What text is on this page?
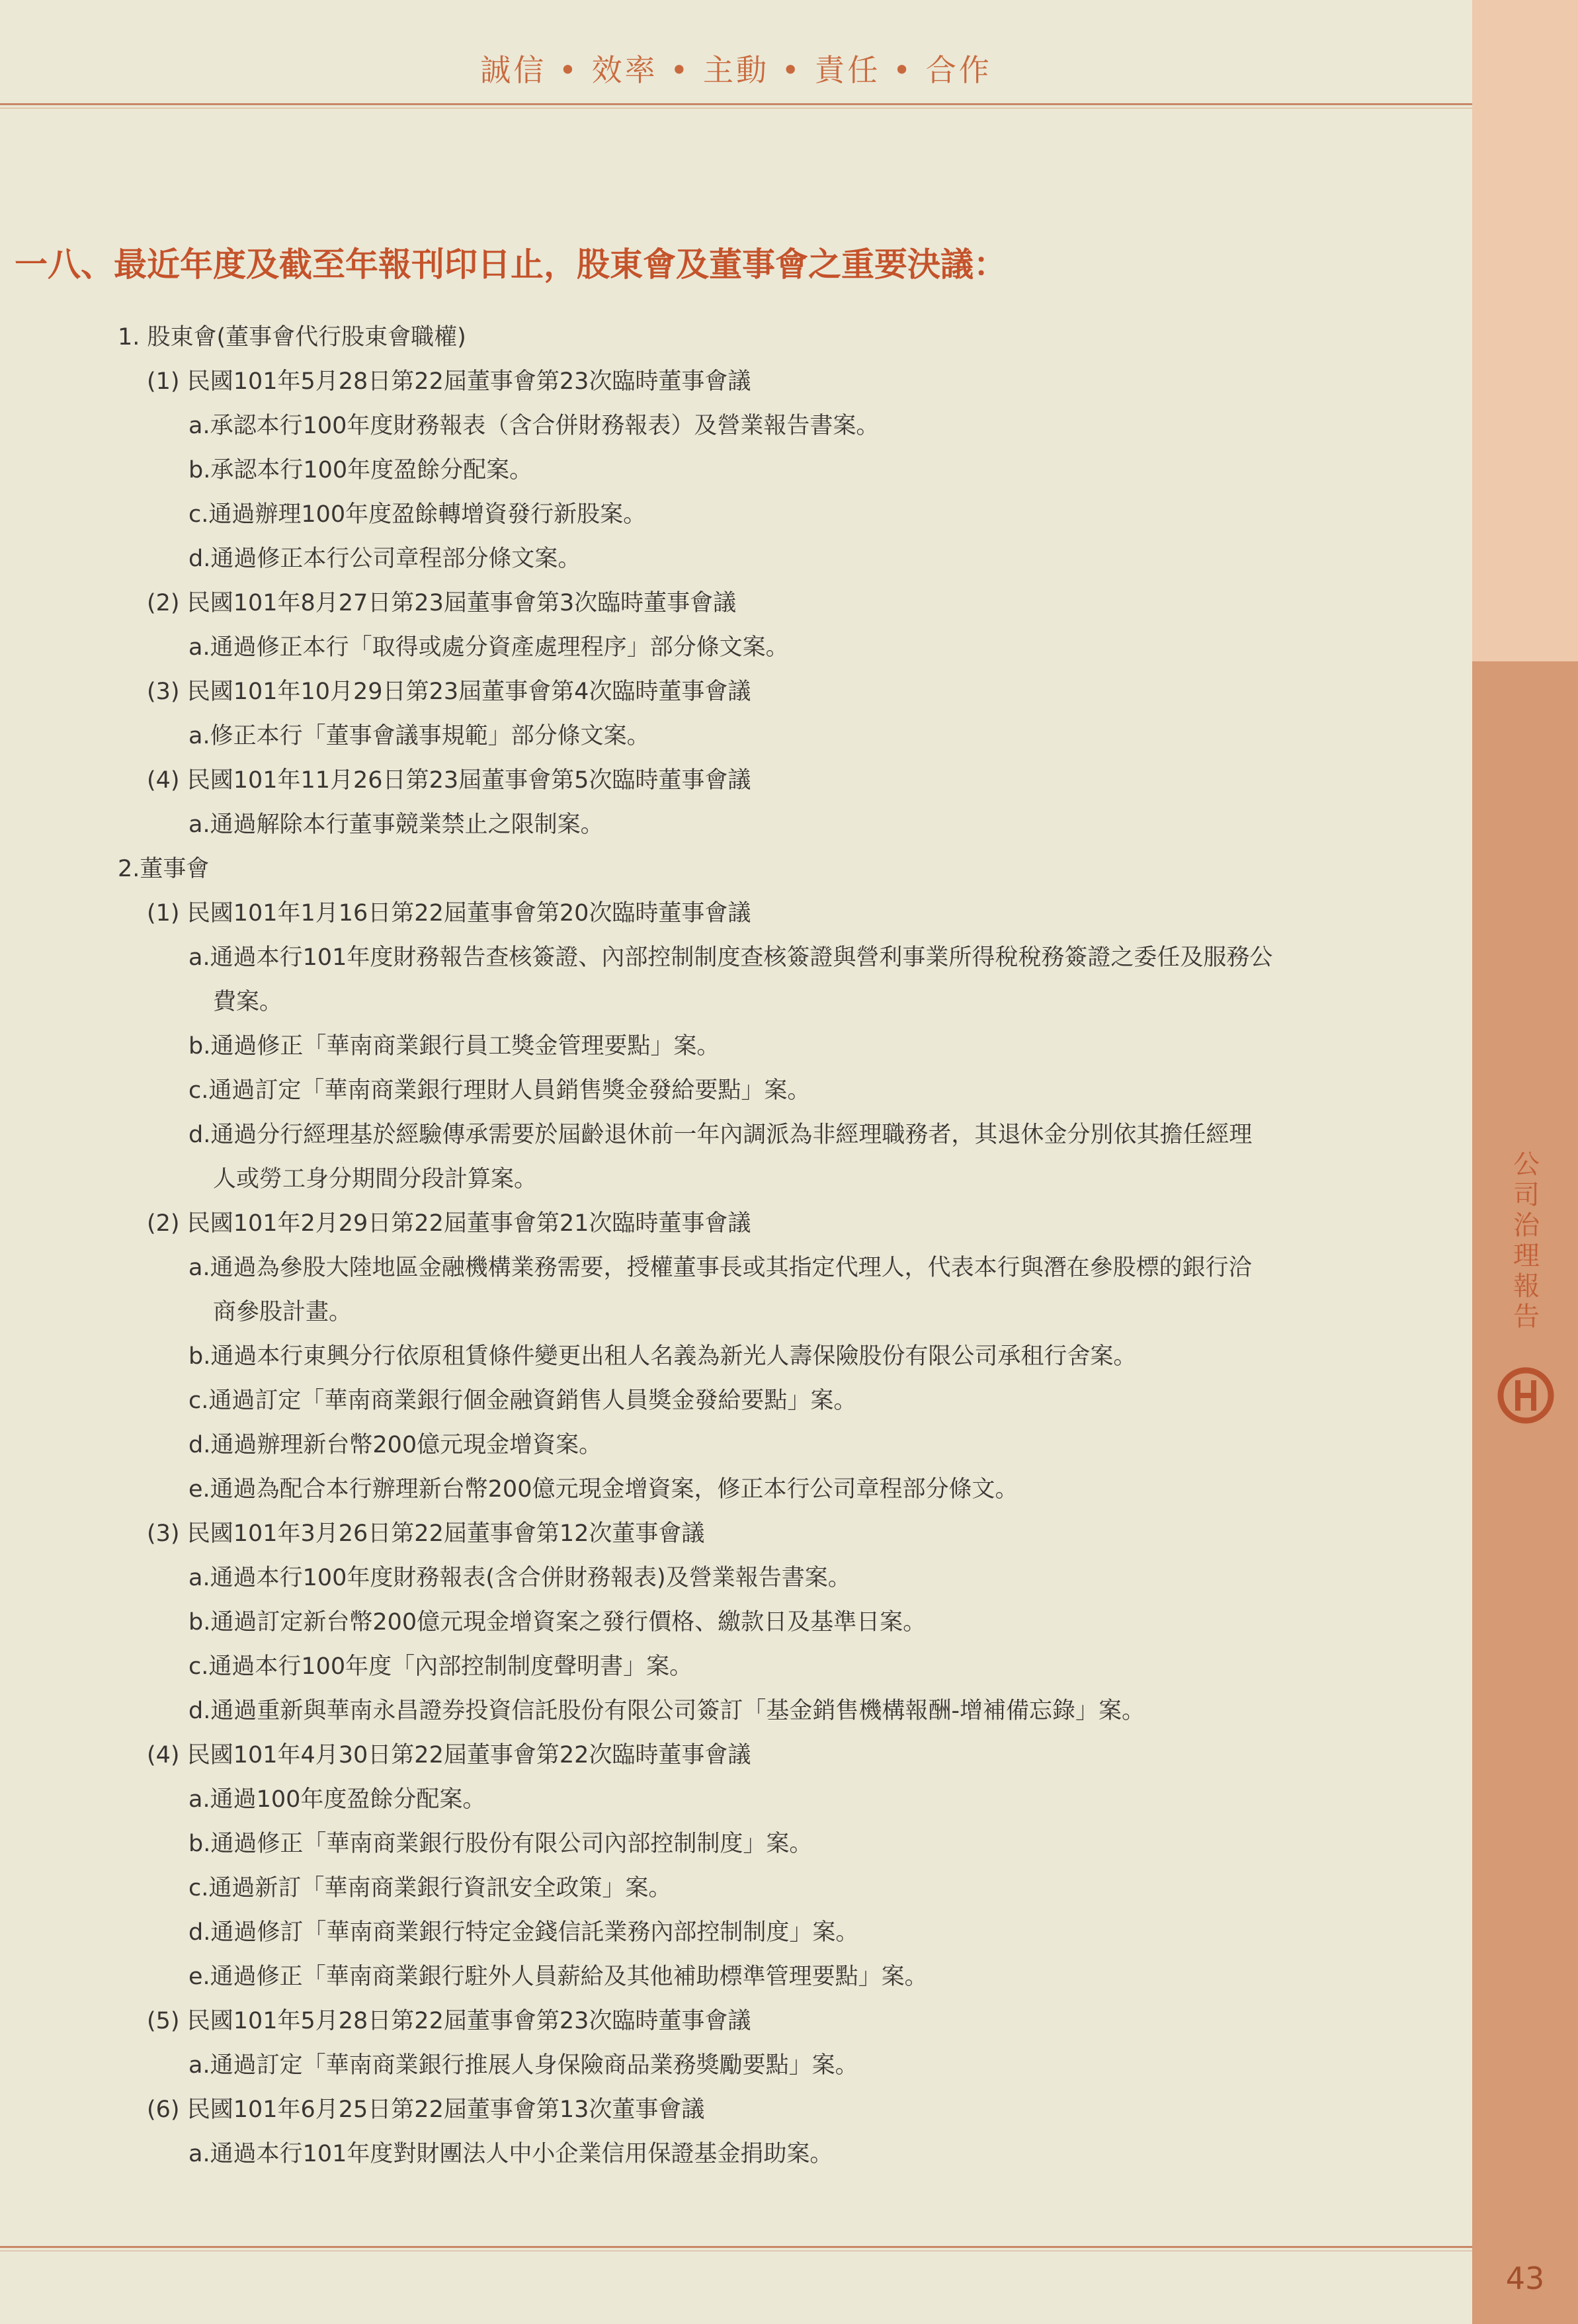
誠信 • 效率 • 主動 • 責任 • 合作
一八、最近年度及截至年報刊印日止，股東會及董事會之重要決議：
1. 股東會(董事會代行股東會職權)
(1) 民國101年5月28日第22屆董事會第23次臨時董事會議
a.承認本行100年度財務報表（含合併財務報表）及營業報告書案。
b.承認本行100年度盈餘分配案。
c.通過辦理100年度盈餘轉增資發行新股案。
d.通過修正本行公司章程部分條文案。
(2) 民國101年8月27日第23屆董事會第3次臨時董事會議
a.通過修正本行「取得或處分資產處理程序」部分條文案。
(3) 民國101年10月29日第23屆董事會第4次臨時董事會議
a.修正本行「董事會議事規範」部分條文案。
(4) 民國101年11月26日第23屆董事會第5次臨時董事會議
a.通過解除本行董事競業禁止之限制案。
2.董事會
(1) 民國101年1月16日第22屆董事會第20次臨時董事會議
a.通過本行101年度財務報告查核簽證、內部控制制度查核簽證與營利事業所得稅稅務簽證之委任及服務公
費案。
b.通過修正「華南商業銀行員工獎金管理要點」案。
c.通過訂定「華南商業銀行理財人員銷售獎金發給要點」案。
d.通過分行經理基於經驗傳承需要於屆齡退休前一年內調派為非經理職務者，其退休金分別依其擔任經理
人或勞工身分期間分段計算案。
(2) 民國101年2月29日第22屆董事會第21次臨時董事會議
a.通過為參股大陸地區金融機構業務需要，授權董事長或其指定代理人，代表本行與潛在參股標的銀行洽
商參股計畫。
b.通過本行東興分行依原租賃條件變更出租人名義為新光人壽保險股份有限公司承租行舍案。
c.通過訂定「華南商業銀行個金融資銷售人員獎金發給要點」案。
d.通過辦理新台幣200億元現金增資案。
e.通過為配合本行辦理新台幣200億元現金增資案，修正本行公司章程部分條文。
(3) 民國101年3月26日第22屆董事會第12次董事會議
a.通過本行100年度財務報表(含合併財務報表)及營業報告書案。
b.通過訂定新台幣200億元現金增資案之發行價格、繳款日及基準日案。
c.通過本行100年度「內部控制制度聲明書」案。
d.通過重新與華南永昌證券投資信託股份有限公司簽訂「基金銷售機構報酬-增補備忘錄」案。
(4) 民國101年4月30日第22屆董事會第22次臨時董事會議
a.通過100年度盈餘分配案。
b.通過修正「華南商業銀行股份有限公司內部控制制度」案。
c.通過新訂「華南商業銀行資訊安全政策」案。
d.通過修訂「華南商業銀行特定金錢信託業務內部控制制度」案。
e.通過修正「華南商業銀行駐外人員薪給及其他補助標準管理要點」案。
(5) 民國101年5月28日第22屆董事會第23次臨時董事會議
a.通過訂定「華南商業銀行推展人身保險商品業務獎勵要點」案。
(6) 民國101年6月25日第22屆董事會第13次董事會議
a.通過本行101年度對財團法人中小企業信用保證基金捐助案。
公
司
治
理
報
告
43
